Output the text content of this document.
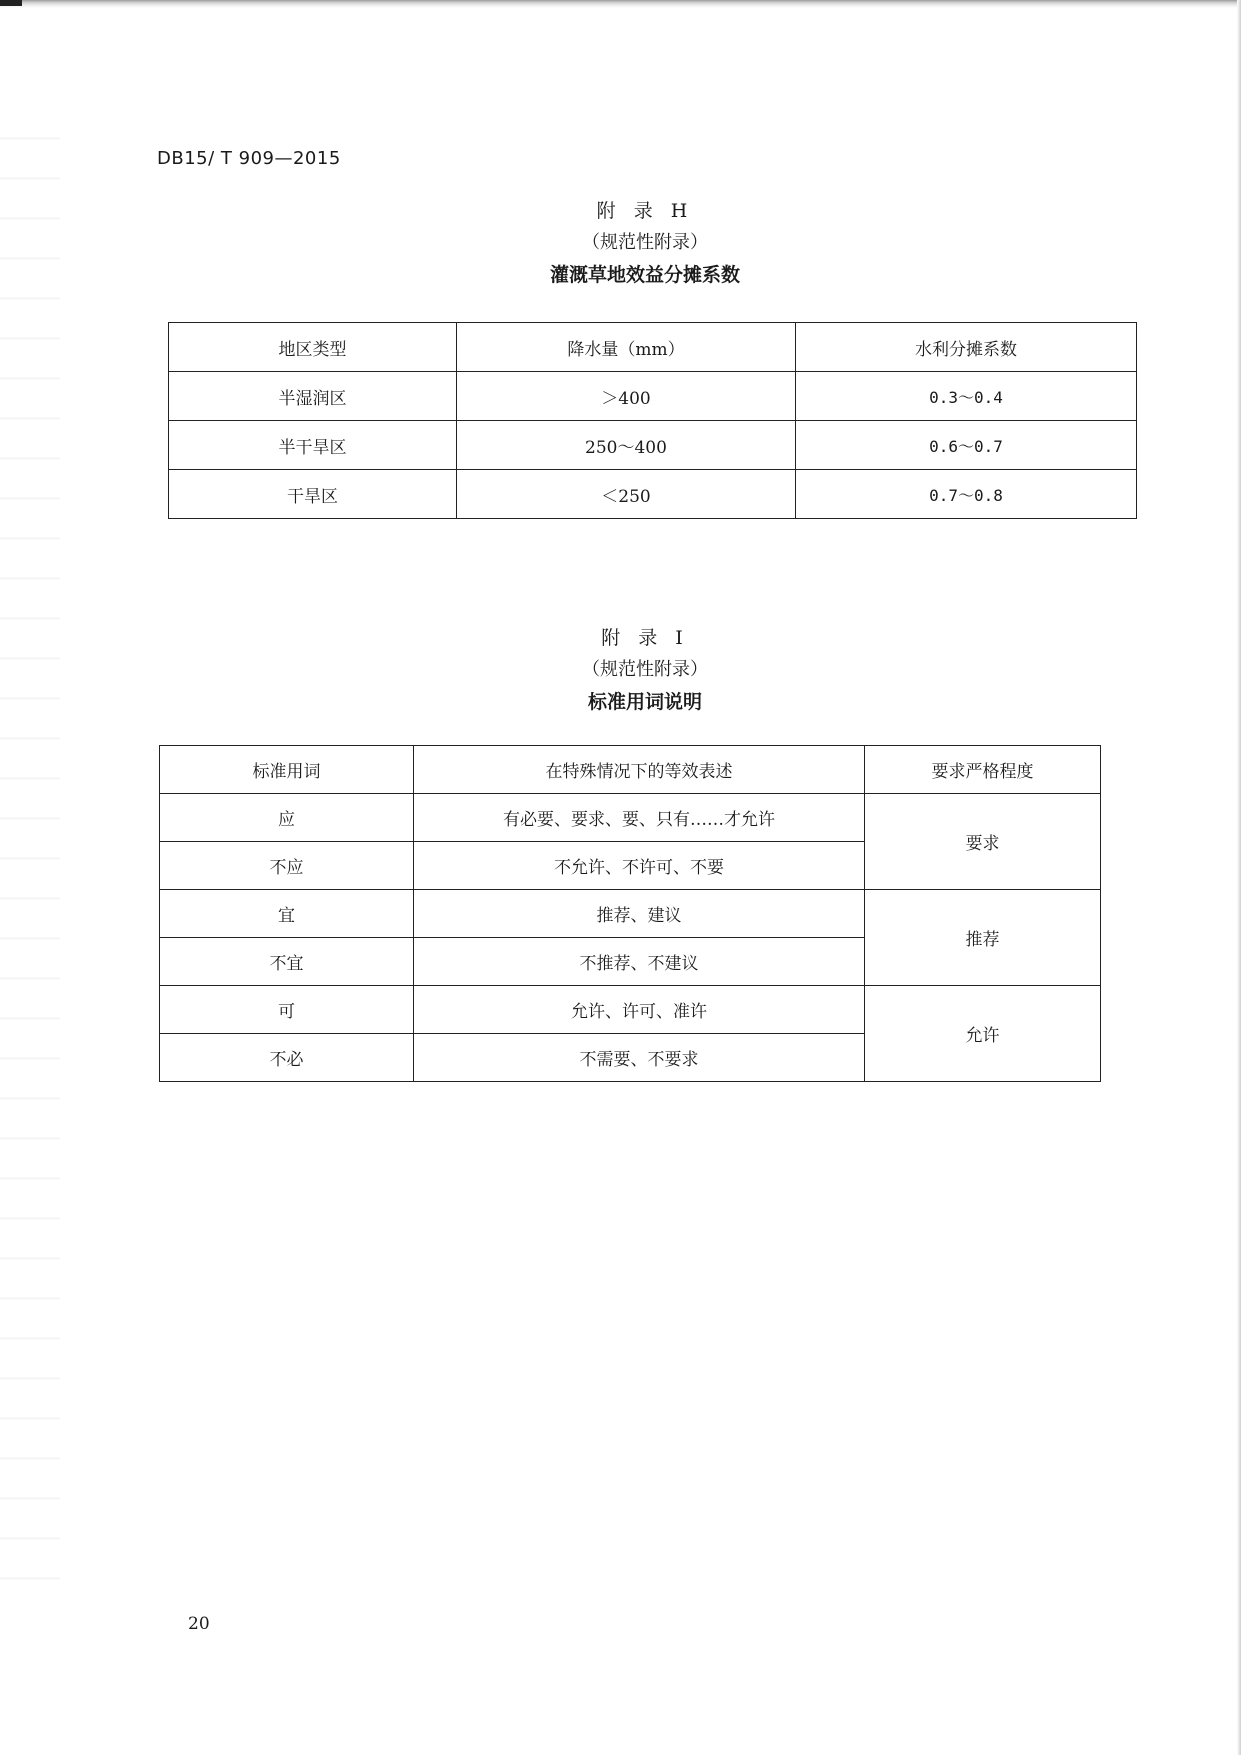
DB15/ T 909—2015
附 录 H
（规范性附录）
灌溉草地效益分摊系数
地区类型	降水量（mm）	水利分摊系数
半湿润区	＞400	0.3～0.4
半干旱区	250～400	0.6～0.7
干旱区	＜250	0.7～0.8
附 录 I
（规范性附录）
标准用词说明
标准用词	在特殊情况下的等效表述	要求严格程度
应	有必要、要求、要、只有……才允许	要求
不应	不允许、不许可、不要	
宜	推荐、建议	推荐
不宜	不推荐、不建议	
可	允许、许可、准许	允许
不必	不需要、不要求	
20
